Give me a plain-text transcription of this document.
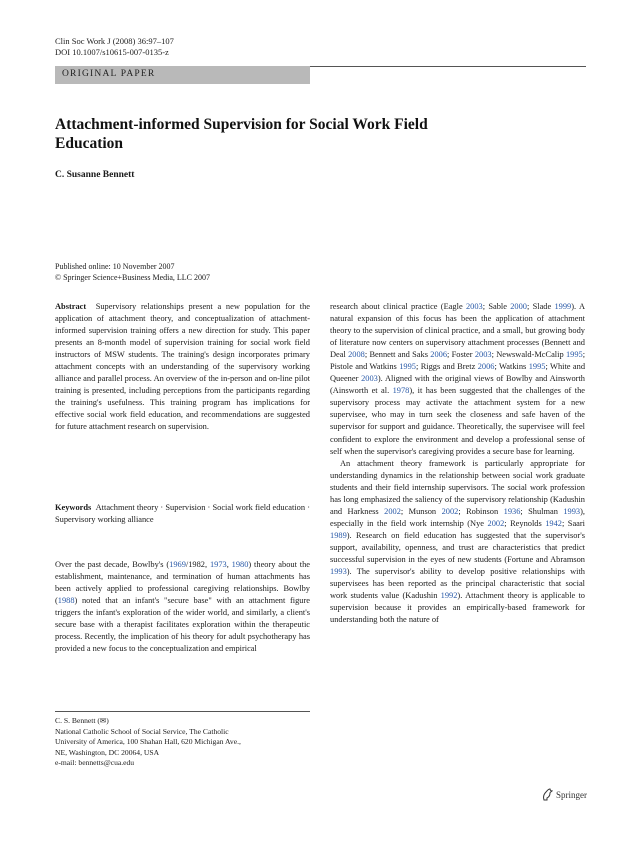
Clin Soc Work J (2008) 36:97–107
DOI 10.1007/s10615-007-0135-z
ORIGINAL PAPER
Attachment-informed Supervision for Social Work Field
Education
C. Susanne Bennett
Published online: 10 November 2007
© Springer Science+Business Media, LLC 2007
Abstract Supervisory relationships present a new population for the application of attachment theory, and conceptualization of attachment-informed supervision training offers a new direction for study. This paper presents an 8-month model of supervision training for social work field instructors of MSW students. The training's design incorporates primary attachment concepts with an understanding of the supervisory working alliance and parallel process. An overview of the in-person and on-line pilot training is presented, including perceptions from the participants regarding the training's usefulness. This training program has implications for effective social work field education, and recommendations are suggested for future attachment research on supervision.
Keywords Attachment theory · Supervision · Social work field education · Supervisory working alliance
Over the past decade, Bowlby's (1969/1982, 1973, 1980) theory about the establishment, maintenance, and termination of human attachments has been actively applied to professional caregiving relationships. Bowlby (1988) noted that an infant's "secure base" with an attachment figure triggers the infant's exploration of the wider world, and similarly, a client's secure base with a therapist facilitates exploration within the therapeutic process. Recently, the implication of his theory for adult psychotherapy has provided a new focus to the conceptualization and empirical
C. S. Bennett (✉)
National Catholic School of Social Service, The Catholic
University of America, 100 Shahan Hall, 620 Michigan Ave.,
NE, Washington, DC 20064, USA
e-mail: bennetts@cua.edu
research about clinical practice (Eagle 2003; Sable 2000; Slade 1999). A natural expansion of this focus has been the application of attachment theory to the supervision of clinical practice, and a small, but growing body of literature now centers on supervisory attachment processes (Bennett and Deal 2008; Bennett and Saks 2006; Foster 2003; Newswald-McCalip 1995; Pistole and Watkins 1995; Riggs and Bretz 2006; Watkins 1995; White and Queener 2003). Aligned with the original views of Bowlby and Ainsworth (Ainsworth et al. 1978), it has been suggested that the challenges of the supervisory process may activate the attachment system for a new supervisee, who may in turn seek the closeness and safe haven of the supervisor for support and guidance. Theoretically, the supervisee will feel confident to explore the environment and develop a professional sense of self when the supervisor's caregiving provides a secure base for learning.
An attachment theory framework is particularly appropriate for understanding dynamics in the relationship between social work graduate students and their field internship supervisors. The social work profession has long emphasized the saliency of the supervisory relationship (Kadushin and Harkness 2002; Munson 2002; Robinson 1936; Shulman 1993), especially in the field work internship (Nye 2002; Reynolds 1942; Saari 1989). Research on field education has suggested that the supervisor's support, availability, openness, and trust are characteristics that predict successful supervision in the eyes of new students (Fortune and Abramson 1993). The supervisor's ability to develop positive relationships with supervisees has been reported as the principal characteristic that social work students value (Kadushin 1992). Attachment theory is applicable to supervision because it provides an empirically-based framework for understanding both the nature of
Springer
